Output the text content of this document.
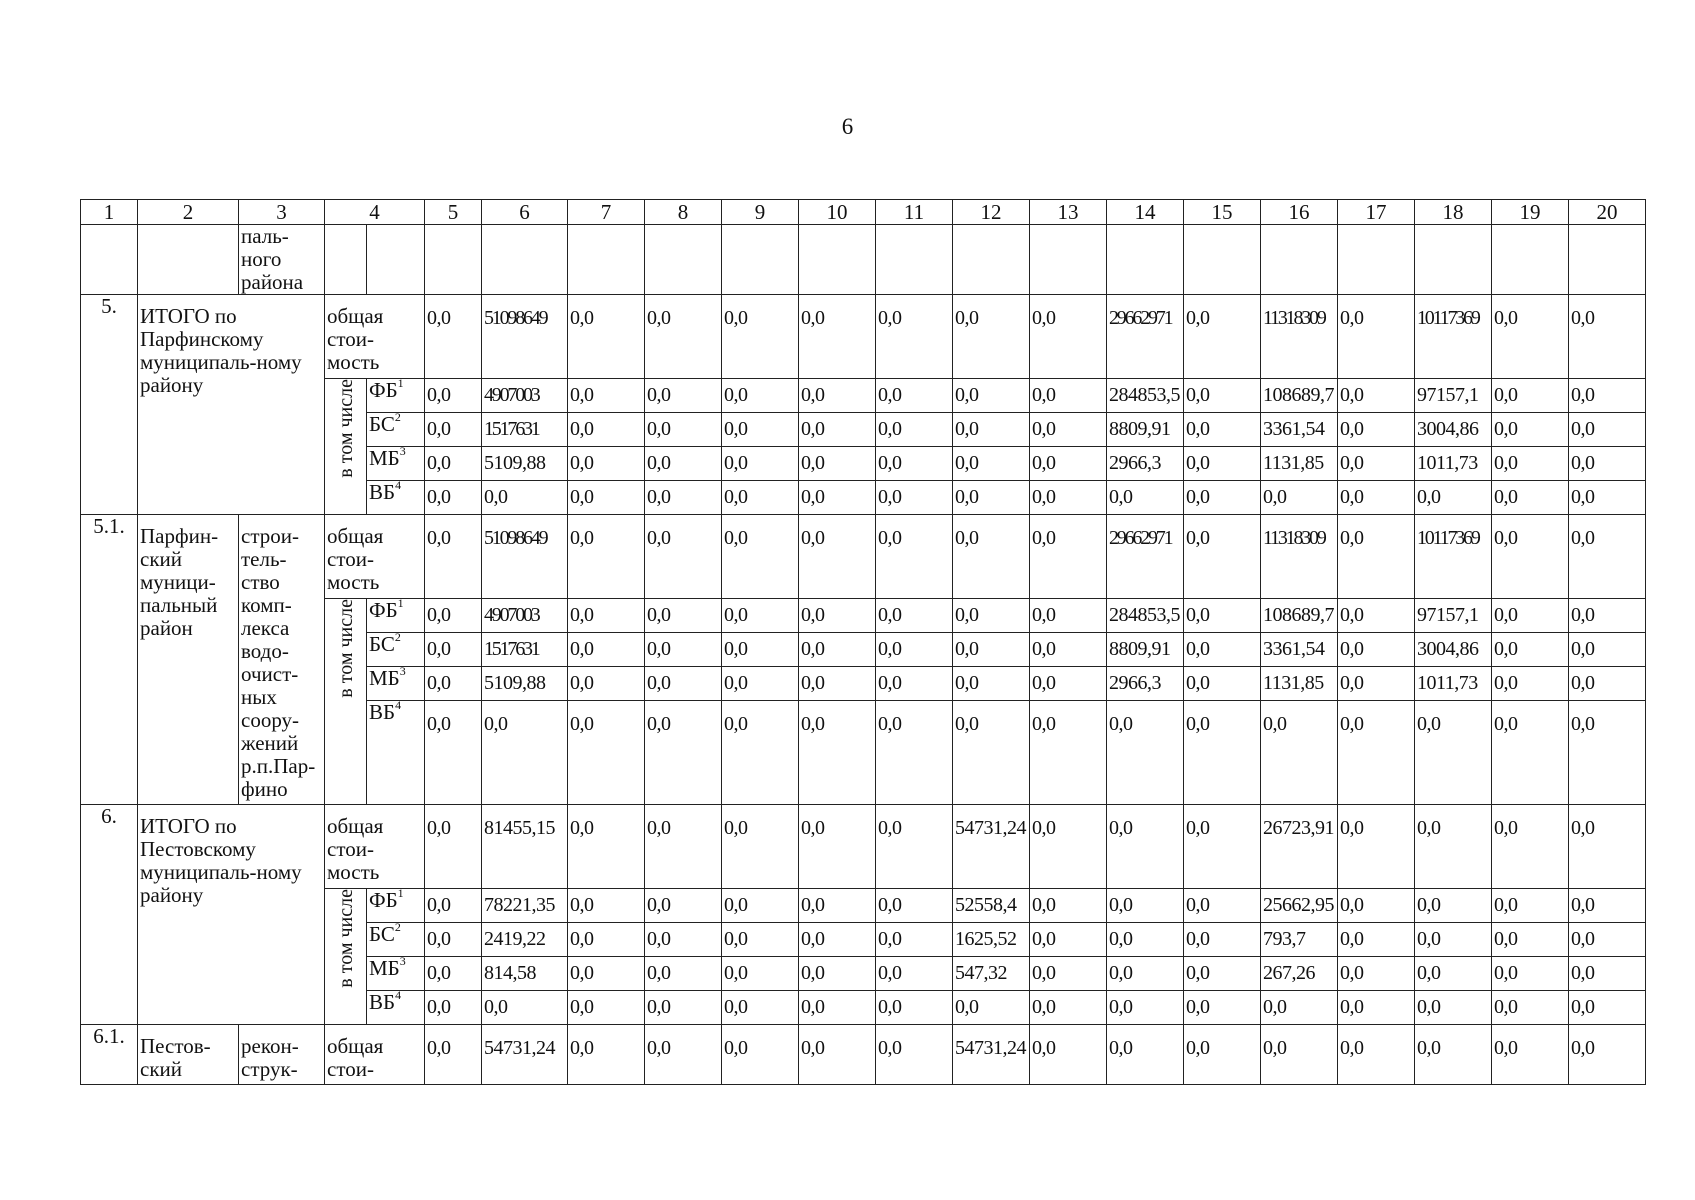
6
1	2	3	4		5	6	7	8	9	10	11	12	13	14	15	16	17	18	19	20
		паль-
ного
района																		
5.	ИТОГО по Парфинскому муниципаль-ному району		общая стои-мость		0,0	51098649	0,0	0,0	0,0	0,0	0,0	0,0	0,0	29662971	0,0	11318309	0,0	10117369	0,0	0,0
			в том числе	$ФБ^1$	0,0	4907003	0,0	0,0	0,0	0,0	0,0	0,0	0,0	284853,5	0,0	108689,7	0,0	97157,1	0,0	0,0
				$БС^2$	0,0	1517631	0,0	0,0	0,0	0,0	0,0	0,0	0,0	8809,91	0,0	3361,54	0,0	3004,86	0,0	0,0
				$МБ^3$	0,0	5109,88	0,0	0,0	0,0	0,0	0,0	0,0	0,0	2966,3	0,0	1131,85	0,0	1011,73	0,0	0,0
				$ВБ^4$	0,0	0,0	0,0	0,0	0,0	0,0	0,0	0,0	0,0	0,0	0,0	0,0	0,0	0,0	0,0	0,0
5.1.	Парфин-ский муници-пальный район	строи-тель-ство комп-лекса водо-очист-ных соору-жений р.п.Пар-фино	общая стои-мость		0,0	51098649	0,0	0,0	0,0	0,0	0,0	0,0	0,0	29662971	0,0	11318309	0,0	10117369	0,0	0,0
			в том числе	$ФБ^1$	0,0	4907003	0,0	0,0	0,0	0,0	0,0	0,0	0,0	284853,5	0,0	108689,7	0,0	97157,1	0,0	0,0
				$БС^2$	0,0	1517631	0,0	0,0	0,0	0,0	0,0	0,0	0,0	8809,91	0,0	3361,54	0,0	3004,86	0,0	0,0
				$МБ^3$	0,0	5109,88	0,0	0,0	0,0	0,0	0,0	0,0	0,0	2966,3	0,0	1131,85	0,0	1011,73	0,0	0,0
				$ВБ^4$	0,0	0,0	0,0	0,0	0,0	0,0	0,0	0,0	0,0	0,0	0,0	0,0	0,0	0,0	0,0	0,0
6.	ИТОГО по Пестовскому муниципаль-ному району		общая стои-мость		0,0	81455,15	0,0	0,0	0,0	0,0	0,0	54731,24	0,0	0,0	0,0	26723,91	0,0	0,0	0,0	0,0
			в том числе	$ФБ^1$	0,0	78221,35	0,0	0,0	0,0	0,0	0,0	52558,4	0,0	0,0	0,0	25662,95	0,0	0,0	0,0	0,0
				$БС^2$	0,0	2419,22	0,0	0,0	0,0	0,0	0,0	1625,52	0,0	0,0	0,0	793,7	0,0	0,0	0,0	0,0
				$МБ^3$	0,0	814,58	0,0	0,0	0,0	0,0	0,0	547,32	0,0	0,0	0,0	267,26	0,0	0,0	0,0	0,0
				$ВБ^4$	0,0	0,0	0,0	0,0	0,0	0,0	0,0	0,0	0,0	0,0	0,0	0,0	0,0	0,0	0,0	0,0
6.1.	Пестов-ский	рекон-струк-	общая стои-		0,0	54731,24	0,0	0,0	0,0	0,0	0,0	54731,24	0,0	0,0	0,0	0,0	0,0	0,0	0,0	0,0
